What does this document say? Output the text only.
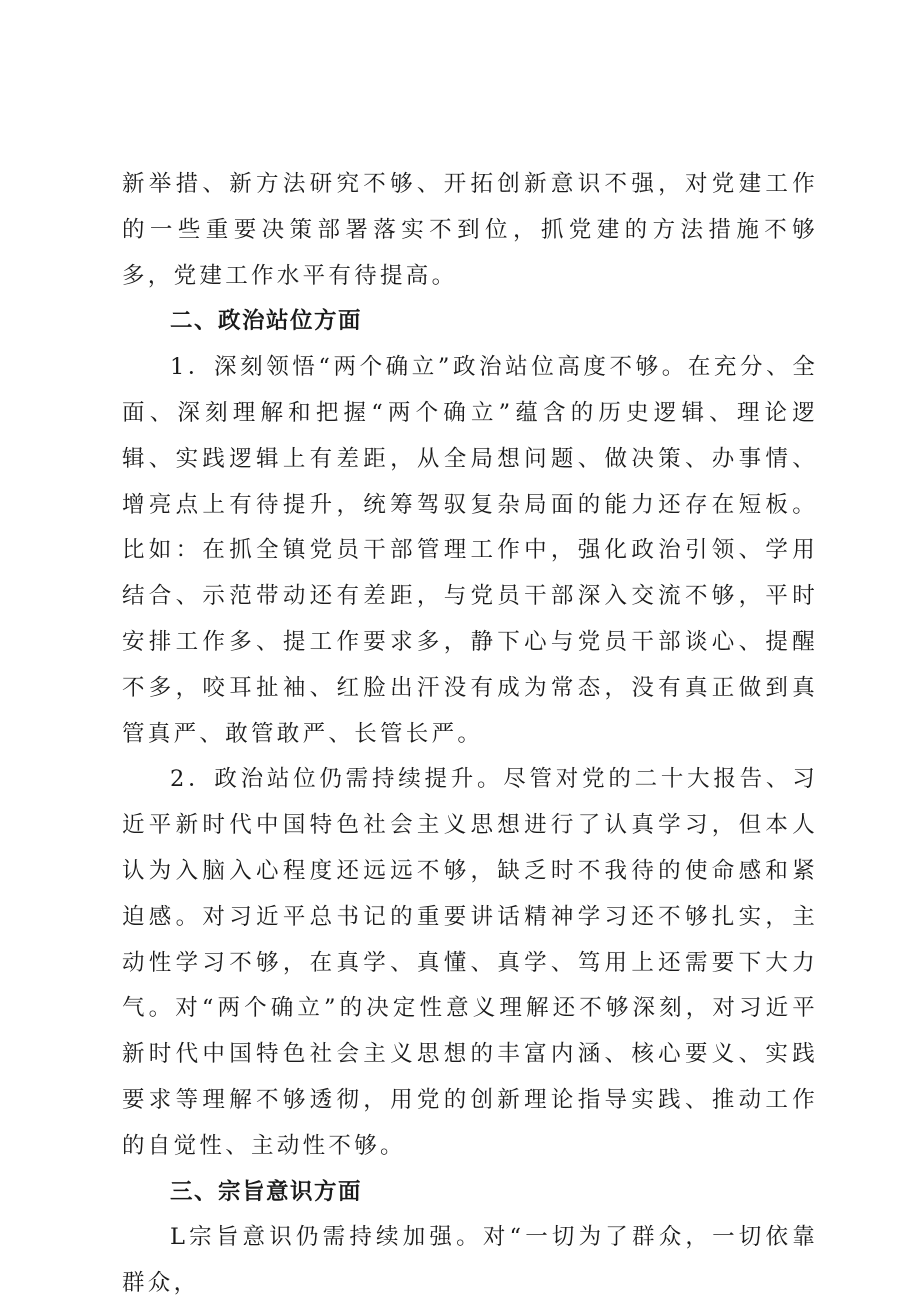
新举措、新方法研究不够、开拓创新意识不强，对党建工作的一些重要决策部署落实不到位，抓党建的方法措施不够多，党建工作水平有待提高。

二、政治站位方面

1．深刻领悟“两个确立”政治站位高度不够。在充分、全面、深刻理解和把握“两个确立”蕴含的历史逻辑、理论逻辑、实践逻辑上有差距，从全局想问题、做决策、办事情、增亮点上有待提升，统筹驾驭复杂局面的能力还存在短板。比如：在抓全镇党员干部管理工作中，强化政治引领、学用结合、示范带动还有差距，与党员干部深入交流不够，平时安排工作多、提工作要求多，静下心与党员干部谈心、提醒不多，咬耳扯袖、红脸出汗没有成为常态，没有真正做到真管真严、敢管敢严、长管长严。

2．政治站位仍需持续提升。尽管对党的二十大报告、习近平新时代中国特色社会主义思想进行了认真学习，但本人认为入脑入心程度还远远不够，缺乏时不我待的使命感和紧迫感。对习近平总书记的重要讲话精神学习还不够扎实，主动性学习不够，在真学、真懂、真学、笃用上还需要下大力气。对“两个确立”的决定性意义理解还不够深刻，对习近平新时代中国特色社会主义思想的丰富内涵、核心要义、实践要求等理解不够透彻，用党的创新理论指导实践、推动工作的自觉性、主动性不够。

三、宗旨意识方面

L宗旨意识仍需持续加强。对“一切为了群众，一切依靠群众，
